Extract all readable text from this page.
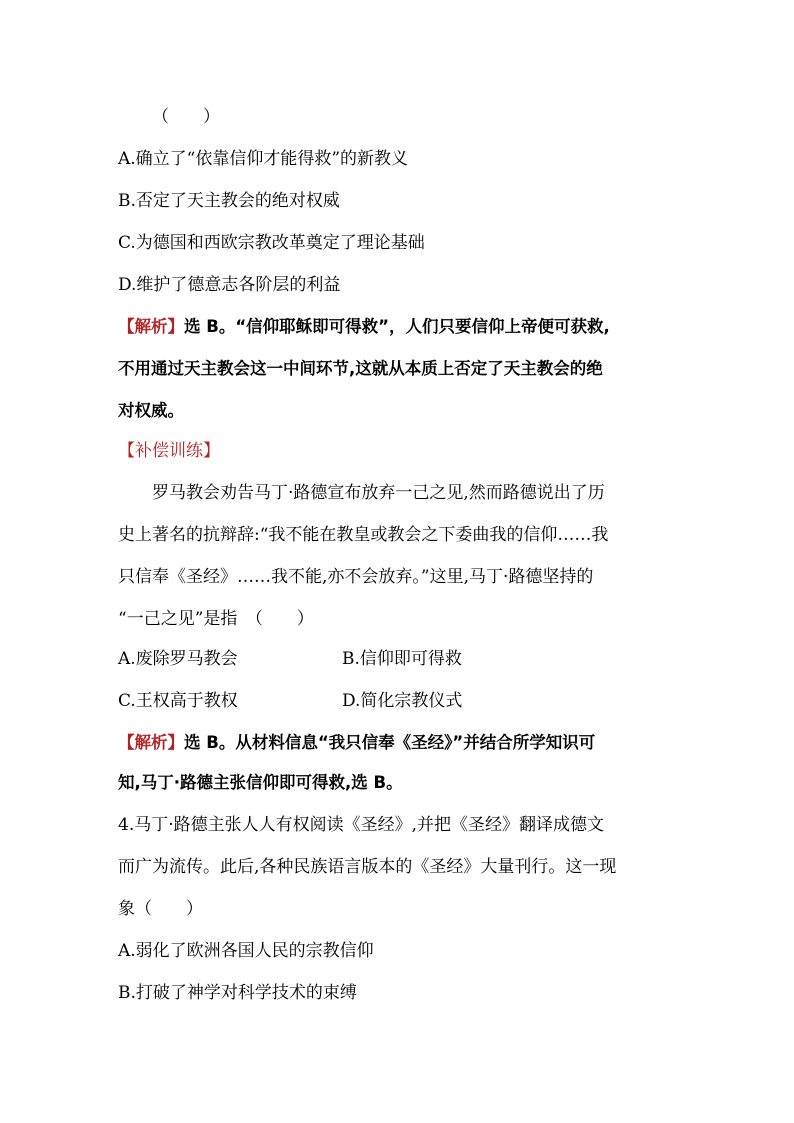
（　　）
A.确立了“依靠信仰才能得救”的新教义
B.否定了天主教会的绝对权威
C.为德国和西欧宗教改革奠定了理论基础
D.维护了德意志各阶层的利益
【解析】选 B。“信仰耶稣即可得救”，人们只要信仰上帝便可获救,
不用通过天主教会这一中间环节,这就从本质上否定了天主教会的绝
对权威。
【补偿训练】
罗马教会劝告马丁·路德宣布放弃一己之见,然而路德说出了历
史上著名的抗辩辞:“我不能在教皇或教会之下委曲我的信仰……我
只信奉《圣经》……我不能,亦不会放弃。”这里,马丁·路德坚持的
“一己之见”是指　（　　）
A.废除罗马教会	B.信仰即可得救
C.王权高于教权	D.简化宗教仪式
【解析】选 B。从材料信息“我只信奉《圣经》”并结合所学知识可
知,马丁·路德主张信仰即可得救,选 B。
4.马丁·路德主张人人有权阅读《圣经》,并把《圣经》翻译成德文
而广为流传。此后,各种民族语言版本的《圣经》大量刊行。这一现
象（　　）
A.弱化了欧洲各国人民的宗教信仰
B.打破了神学对科学技术的束缚
